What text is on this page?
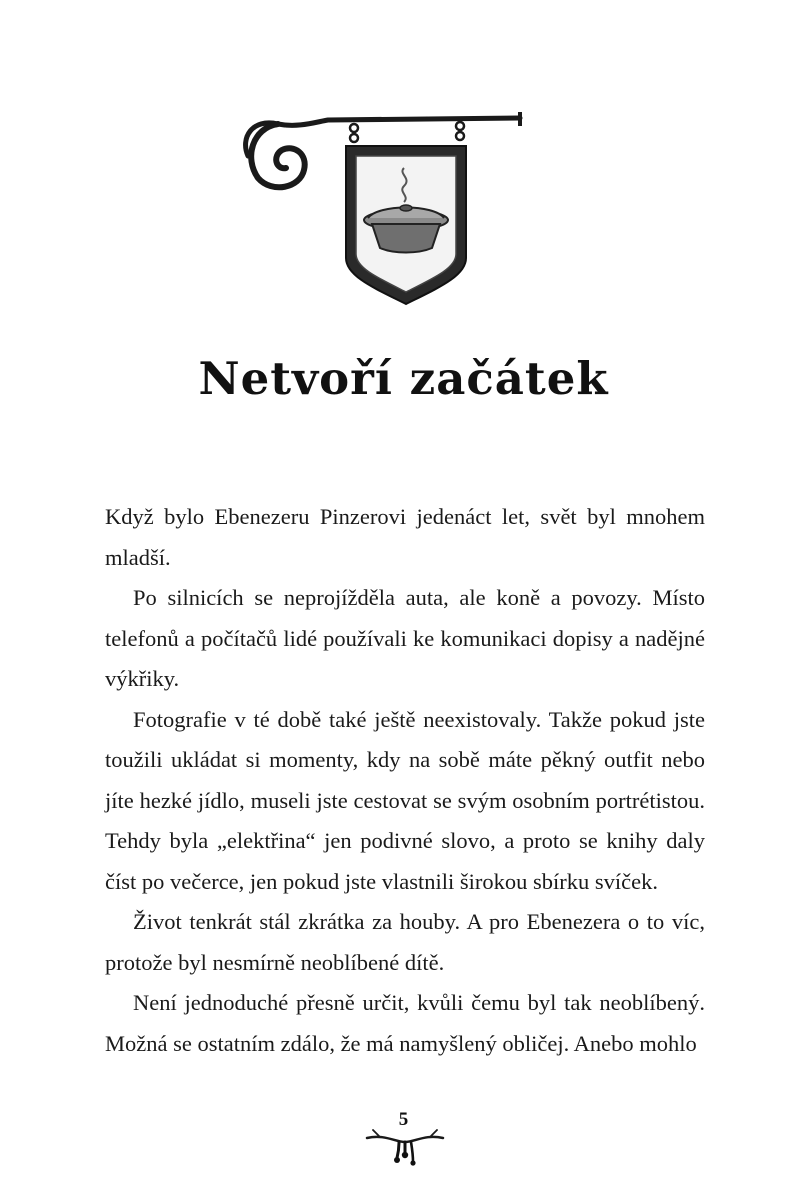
Netvoří začátek

Když bylo Ebenezeru Pinzerovi jedenáct let, svět byl mnohem mladší.

Po silnicích se neprojížděla auta, ale koně a povozy. Místo telefonů a počítačů lidé používali ke komunikaci dopisy a nadějné výkřiky.

Fotografie v té době také ještě neexistovaly. Takže pokud jste toužili ukládat si momenty, kdy na sobě máte pěkný outfit nebo jíte hezké jídlo, museli jste cestovat se svým osobním portrétistou. Tehdy byla „elektřina“ jen podivné slovo, a proto se knihy daly číst po večerce, jen pokud jste vlastnili širokou sbírku svíček.

Život tenkrát stál zkrátka za houby. A pro Ebenezera o to víc, protože byl nesmírně neoblíbené dítě.

Není jednoduché přesně určit, kvůli čemu byl tak neoblíbený. Možná se ostatním zdálo, že má namyšlený obličej. Anebo mohlo

5
